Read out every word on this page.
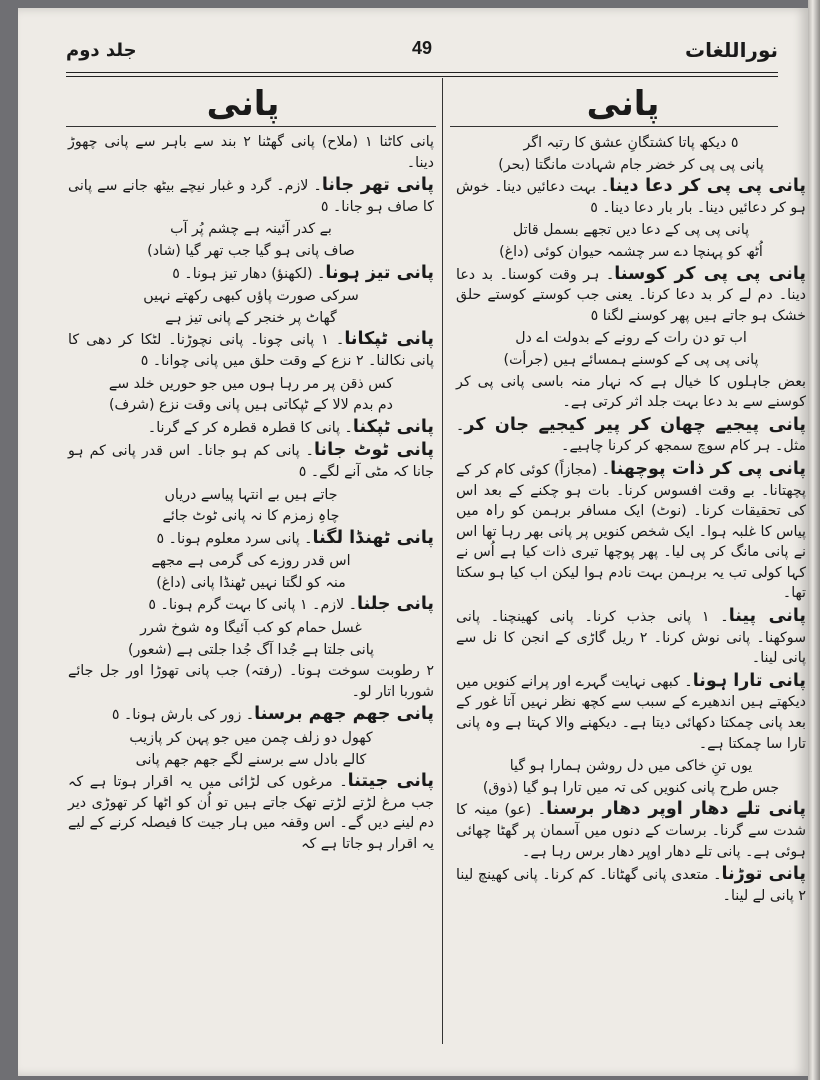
نوراللغات
49
جلد دوم
پانی
پانی
٥ دیکھ پاتا کشتگانِ عشق کا رتبہ اگر
پانی پی پی کر خضر جام شہادت مانگتا (بحر)
پانی پی پی کر دعا دینا۔ بہت دعائیں دینا۔ خوش ہو کر دعائیں دینا۔ بار بار دعا دینا۔ ٥
پانی پی پی کے دعا دیں تجھے بسمل قاتل
اُٹھ کو پہنچا دے سر چشمہ حیوان کوئی (داغ)
پانی پی پی کر کوسنا۔ ہر وقت کوسنا۔ بد دعا دینا۔ دم لے کر بد دعا کرنا۔ یعنی جب کوستے کوستے حلق خشک ہو جاتے ہیں پھر کوسنے لگنا ٥
اب تو دن رات کے رونے کے بدولت اے دل
پانی پی پی کے کوسنے ہمسائے ہیں (جرأت)
بعض جاہلوں کا خیال ہے کہ نہار منہ باسی پانی پی کر کوسنے سے بد دعا بہت جلد اثر کرتی ہے۔
پانی پیجیے چھان کر پیر کیجیے جان کر۔ مثل۔ ہر کام سوچ سمجھ کر کرنا چاہیے۔
پانی پی کر ذات پوچھنا۔ (مجازاً) کوئی کام کر کے پچھتانا۔ بے وقت افسوس کرنا۔ بات ہو چکنے کے بعد اس کی تحقیقات کرنا۔ (نوٹ) ایک مسافر برہمن کو راہ میں پیاس کا غلبہ ہوا۔ ایک شخص کنویں پر پانی بھر رہا تھا اس نے پانی مانگ کر پی لیا۔ پھر پوچھا تیری ذات کیا ہے اُس نے کہا کولی تب یہ برہمن بہت نادم ہوا لیکن اب کیا ہو سکتا تھا۔
پانی پینا۔ ١ پانی جذب کرنا۔ پانی کھینچنا۔ پانی سوکھنا۔ پانی نوش کرنا۔ ٢ ریل گاڑی کے انجن کا نل سے پانی لینا۔
پانی تارا ہونا۔ کبھی نہایت گہرے اور پرانے کنویں میں دیکھتے ہیں اندھیرے کے سبب سے کچھ نظر نہیں آتا غور کے بعد پانی چمکتا دکھائی دیتا ہے۔ دیکھنے والا کہتا ہے وہ پانی تارا سا چمکتا ہے۔
یوں تنِ خاکی میں دل روشن ہمارا ہو گیا
جس طرح پانی کنویں کی تہ میں تارا ہو گیا (ذوق)
پانی تلے دھار اوپر دھار برسنا۔ (عو) مینہ کا شدت سے گرنا۔ برسات کے دنوں میں آسمان پر گھٹا چھائی ہوئی ہے۔ پانی تلے دھار اوپر دھار برس رہا ہے۔
پانی توڑنا۔ متعدی پانی گھٹانا۔ کم کرنا۔ پانی کھینچ لینا ٢ پانی لے لینا۔
پانی کاٹنا ١ (ملاح) پانی گھٹنا ٢ بند سے باہر سے پانی چھوڑ دینا۔
پانی تھر جانا۔ لازم۔ گرد و غبار نیچے بیٹھ جانے سے پانی کا صاف ہو جانا۔ ٥
بے کدر آئینہ ہے چشم پُر آب
صاف پانی ہو گیا جب تھر گیا (شاد)
پانی تیز ہونا۔ (لکھنؤ) دھار تیز ہونا۔ ٥
سرکی صورت پاؤں کبھی رکھتے نہیں
گھاٹ پر خنجر کے پانی تیز ہے
پانی ٹپکانا۔ ١ پانی چونا۔ پانی نچوڑنا۔ لٹکا کر دھی کا پانی نکالنا۔ ٢ نزع کے وقت حلق میں پانی چوانا۔ ٥
کس ذقن پر مر رہا ہوں میں جو حوریں خلد سے
دم بدم لالا کے ٹپکاتی ہیں پانی وقت نزع (شرف)
پانی ٹپکنا۔ پانی کا قطرہ قطرہ کر کے گرنا۔
پانی ٹوٹ جانا۔ پانی کم ہو جانا۔ اس قدر پانی کم ہو جانا کہ مٹی آنے لگے۔ ٥
جاتے ہیں بے انتہا پیاسے دریاں
چاہِ زمزم کا نہ پانی ٹوٹ جائے
پانی ٹھنڈا لگنا۔ پانی سرد معلوم ہونا۔ ٥
اس قدر روزے کی گرمی ہے مجھے
منہ کو لگتا نہیں ٹھنڈا پانی (داغ)
پانی جلنا۔ لازم۔ ١ پانی کا بہت گرم ہونا۔ ٥
غسل حمام کو کب آئیگا وہ شوخ شرر
پانی جلتا ہے جُدا آگ جُدا جلتی ہے (شعور)
٢ رطوبت سوخت ہونا۔ (رفتہ) جب پانی تھوڑا اور جل جائے شوربا اتار لو۔
پانی جھم جھم برسنا۔ زور کی بارش ہونا۔ ٥
کھول دو زلف چمن میں جو پہن کر پازیب
کالے بادل سے برسنے لگے جھم جھم پانی
پانی جیتنا۔ مرغوں کی لڑائی میں یہ اقرار ہوتا ہے کہ جب مرغ لڑتے لڑتے تھک جاتے ہیں تو اُن کو اٹھا کر تھوڑی دیر دم لینے دیں گے۔ اس وقفہ میں ہار جیت کا فیصلہ کرنے کے لیے یہ اقرار ہو جاتا ہے کہ
